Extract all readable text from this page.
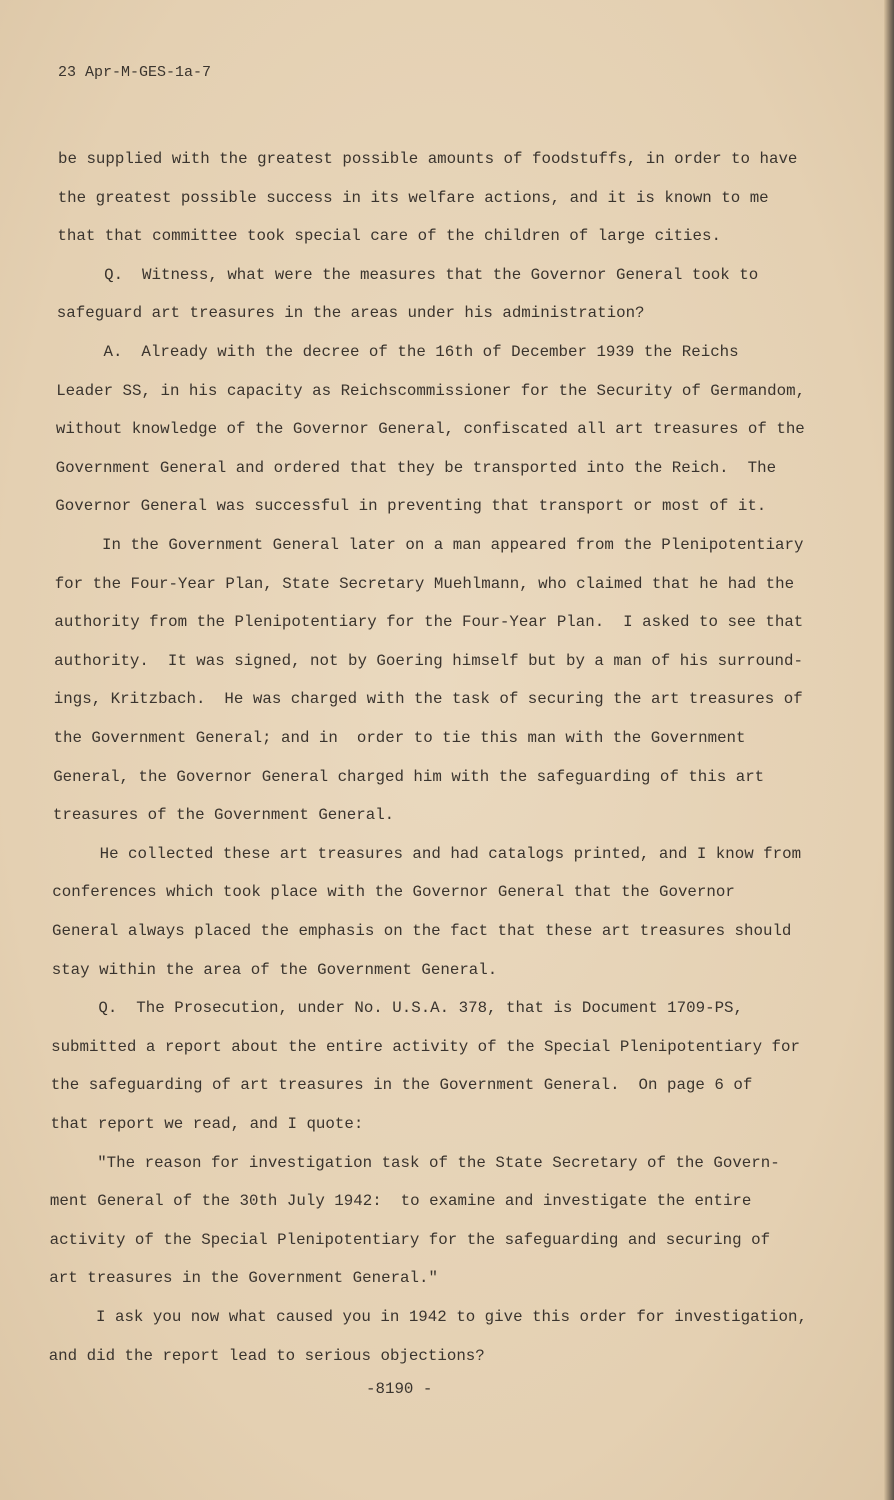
23 Apr-M-GES-1a-7
be supplied with the greatest possible amounts of foodstuffs, in order to have
the greatest possible success in its welfare actions, and it is known to me
that that committee took special care of the children of large cities.
Q.  Witness, what were the measures that the Governor General took to
safeguard art treasures in the areas under his administration?
A.  Already with the decree of the 16th of December 1939 the Reichs
Leader SS, in his capacity as Reichscommissioner for the Security of Germandom,
without knowledge of the Governor General, confiscated all art treasures of the
Government General and ordered that they be transported into the Reich.  The
Governor General was successful in preventing that transport or most of it.
In the Government General later on a man appeared from the Plenipotentiary
for the Four-Year Plan, State Secretary Muehlmann, who claimed that he had the
authority from the Plenipotentiary for the Four-Year Plan.  I asked to see that
authority.  It was signed, not by Goering himself but by a man of his surround-
ings, Kritzbach.  He was charged with the task of securing the art treasures of
the Government General; and in  order to tie this man with the Government
General, the Governor General charged him with the safeguarding of this art
treasures of the Government General.
He collected these art treasures and had catalogs printed, and I know from
conferences which took place with the Governor General that the Governor
General always placed the emphasis on the fact that these art treasures should
stay within the area of the Government General.
Q.  The Prosecution, under No. U.S.A. 378, that is Document 1709-PS,
submitted a report about the entire activity of the Special Plenipotentiary for
the safeguarding of art treasures in the Government General.  On page 6 of
that report we read, and I quote:
"The reason for investigation task of the State Secretary of the Govern-
ment General of the 30th July 1942:  to examine and investigate the entire
activity of the Special Plenipotentiary for the safeguarding and securing of
art treasures in the Government General."
I ask you now what caused you in 1942 to give this order for investigation,
and did the report lead to serious objections?
-8190 -
